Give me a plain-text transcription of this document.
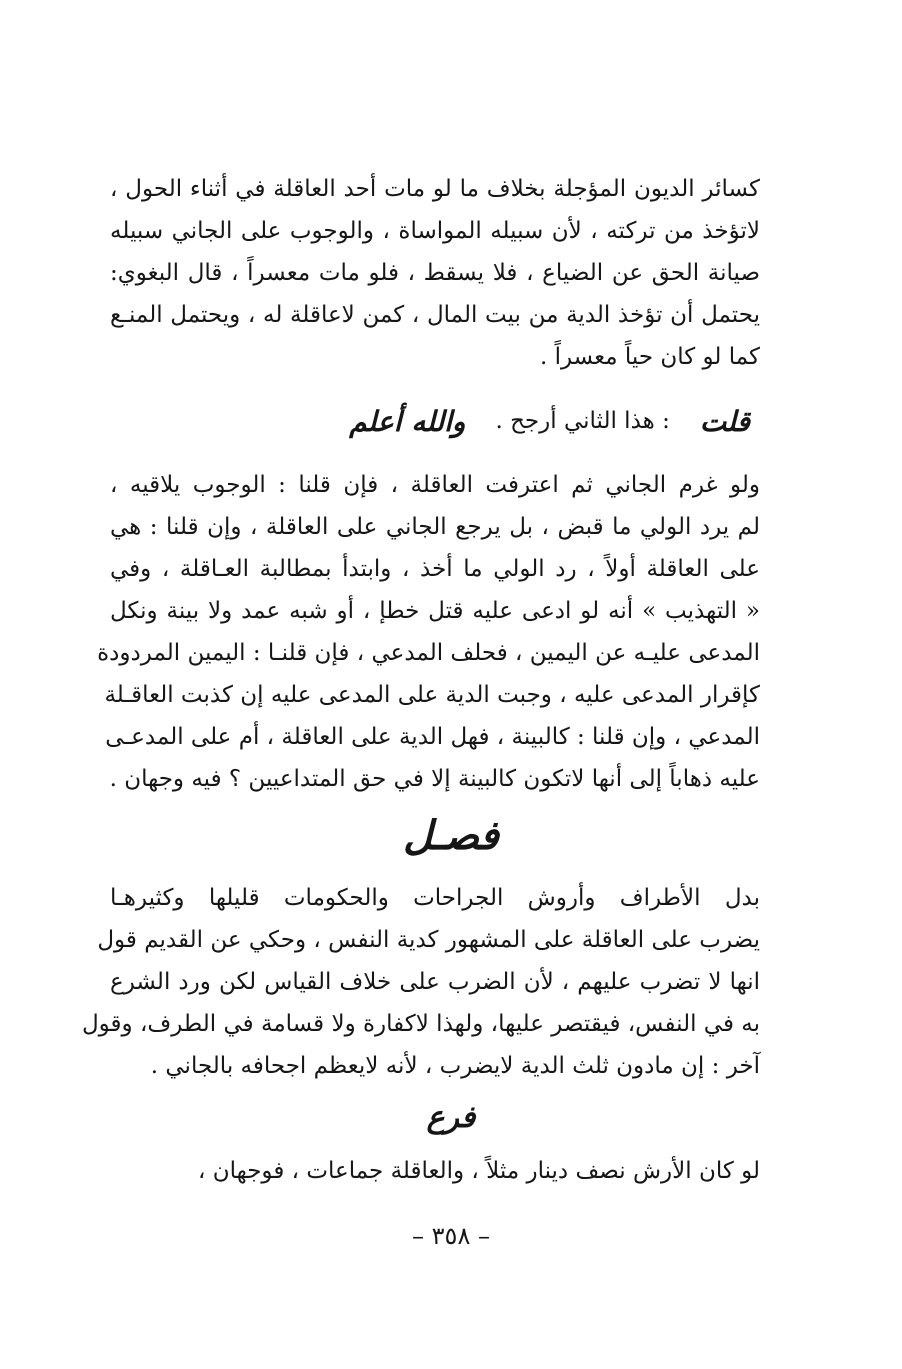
كسائر الديون المؤجلة بخلاف ما لو مات أحد العاقلة في أثناء الحول ،
لاتؤخذ من تركته ، لأن سبيله المواساة ، والوجوب على الجاني سبيله
صيانة الحق عن الضياع ، فلا يسقط ، فلو مات معسراً ، قال البغوي:
يحتمل أن تؤخذ الدية من بيت المال ، كمن لاعاقلة له ، ويحتمل المنـع
كما لو كان حياً معسراً .
قلت
: هذا الثاني أرجح .
والله أعلم
ولو غرم الجاني ثم اعترفت العاقلة ، فإن قلنا : الوجوب يلاقيه ،
لم يرد الولي ما قبض ، بل يرجع الجاني على العاقلة ، وإن قلنا : هي
على العاقلة أولاً ، رد الولي ما أخذ ، وابتدأ بمطالبة العـاقلة ، وفي
« التهذيب » أنه لو ادعى عليه قتل خطإ ، أو شبه عمد ولا بينة ونكل
المدعى عليـه عن اليمين ، فحلف المدعي ، فإن قلنـا : اليمين المردودة
كإقرار المدعى عليه ، وجبت الدية على المدعى عليه إن كذبت العاقـلة
المدعي ، وإن قلنا : كالبينة ، فهل الدية على العاقلة ، أم على المدعـى
عليه ذهاباً إلى أنها لاتكون كالبينة إلا في حق المتداعيين ؟ فيه وجهان .
فصـل
بدل الأطراف وأروش الجراحات والحكومات قليلها وكثيرهـا
يضرب على العاقلة على المشهور كدية النفس ، وحكي عن القديم قول
انها لا تضرب عليهم ، لأن الضرب على خلاف القياس لكن ورد الشرع
به في النفس، فيقتصر عليها، ولهذا لاكفارة ولا قسامة في الطرف، وقول
آخر : إن مادون ثلث الدية لايضرب ، لأنه لايعظم اجحافه بالجاني .
فرع
لو كان الأرش نصف دينار مثلاً ، والعاقلة جماعات ، فوجهان ،
– ٣٥٨ –
